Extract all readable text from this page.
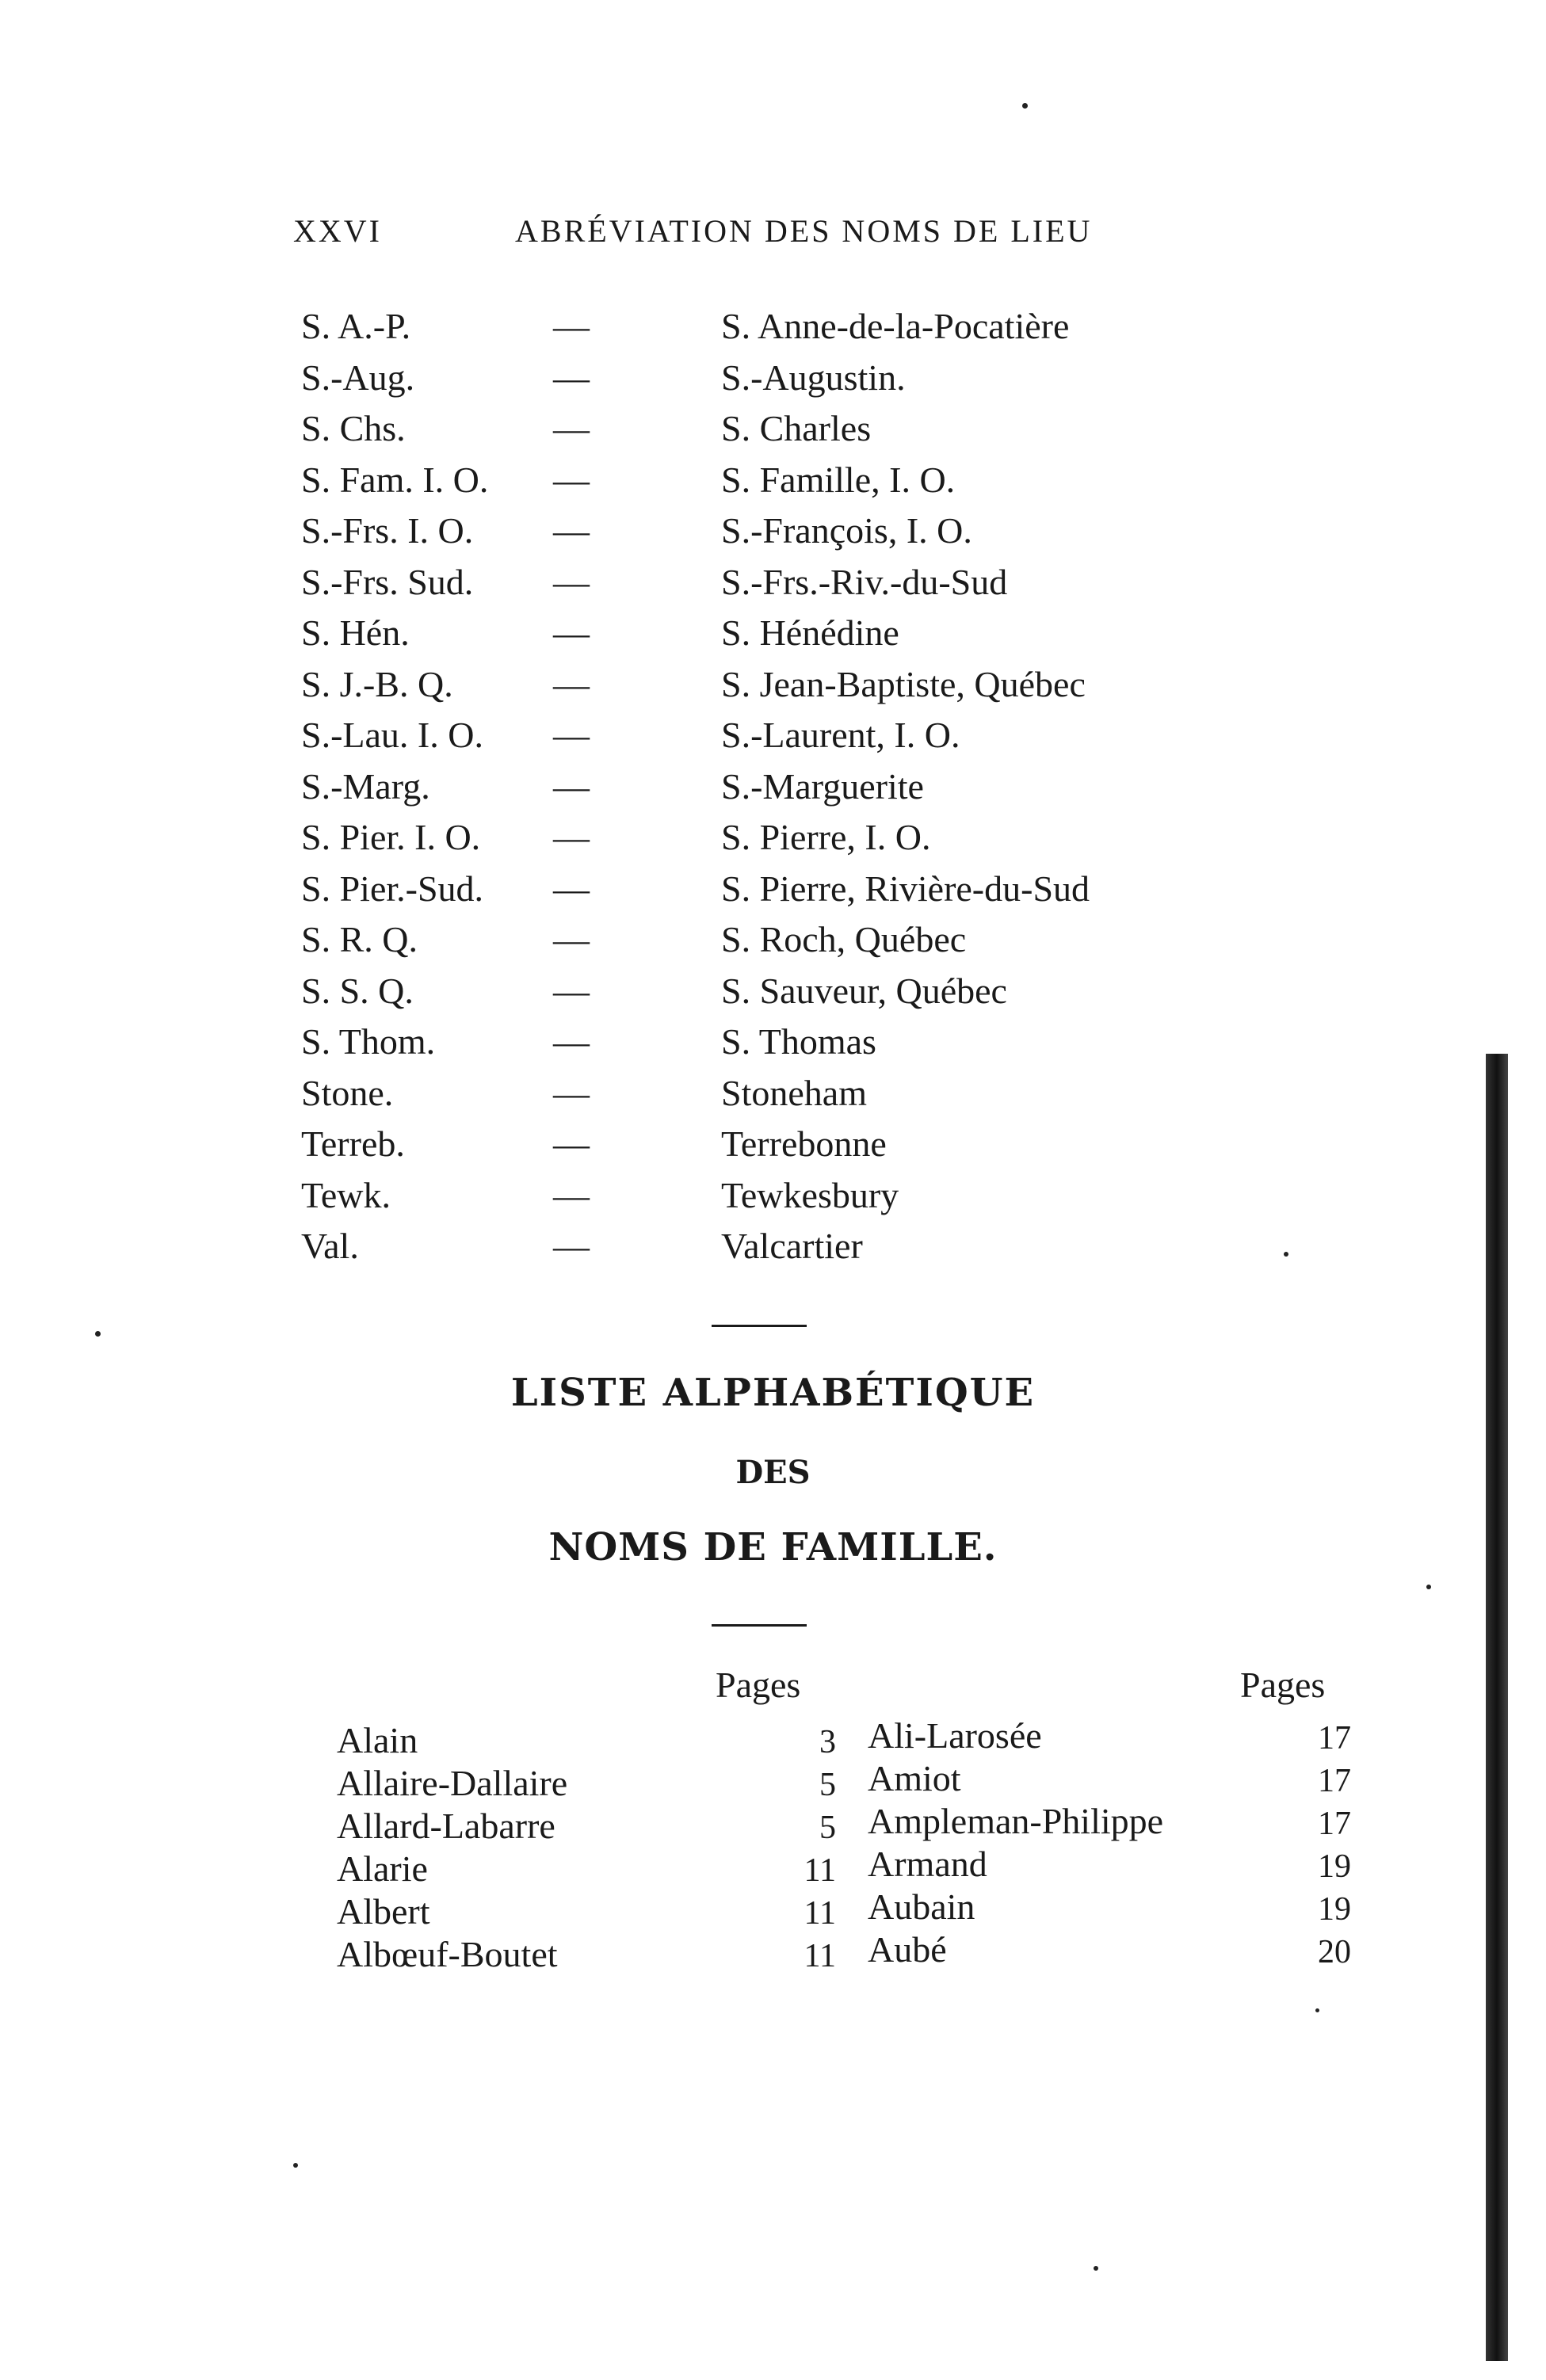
XXVI	ABRÉVIATION DES NOMS DE LIEU
S. A.-P.	—	S. Anne-de-la-Pocatière
S.-Aug.	—	S.-Augustin.
S. Chs.	—	S. Charles
S. Fam. I. O. —	S. Famille, I. O.
S.-Frs. I. O. —	S.-François, I. O.
S.-Frs. Sud. —	S.-Frs.-Riv.-du-Sud
S. Hén.	—	S. Hénédine
S. J.-B. Q.	—	S. Jean-Baptiste, Québec
S.-Lau. I. O. —	S.-Laurent, I. O.
S.-Marg.	—	S.-Marguerite
S. Pier. I. O. —	S. Pierre, I. O.
S. Pier.-Sud. —	S. Pierre, Rivière-du-Sud
S. R. Q.	—	S. Roch, Québec
S. S. Q.	—	S. Sauveur, Québec
S. Thom.	—	S. Thomas
Stone.	—	Stoneham
Terreb.	—	Terrebonne
Tewk.	—	Tewkesbury
Val.	—	Valcartier
LISTE ALPHABÉTIQUE
DES
NOMS DE FAMILLE.
Pages	Pages
Alain	3
Allaire-Dallaire	5
Allard-Labarre	5
Alarie	11
Albert	11
Albœuf-Boutet	11
Ali-Larosée	17
Amiot	17
Ampleman-Philippe	17
Armand	19
Aubain	19
Aubé	20
